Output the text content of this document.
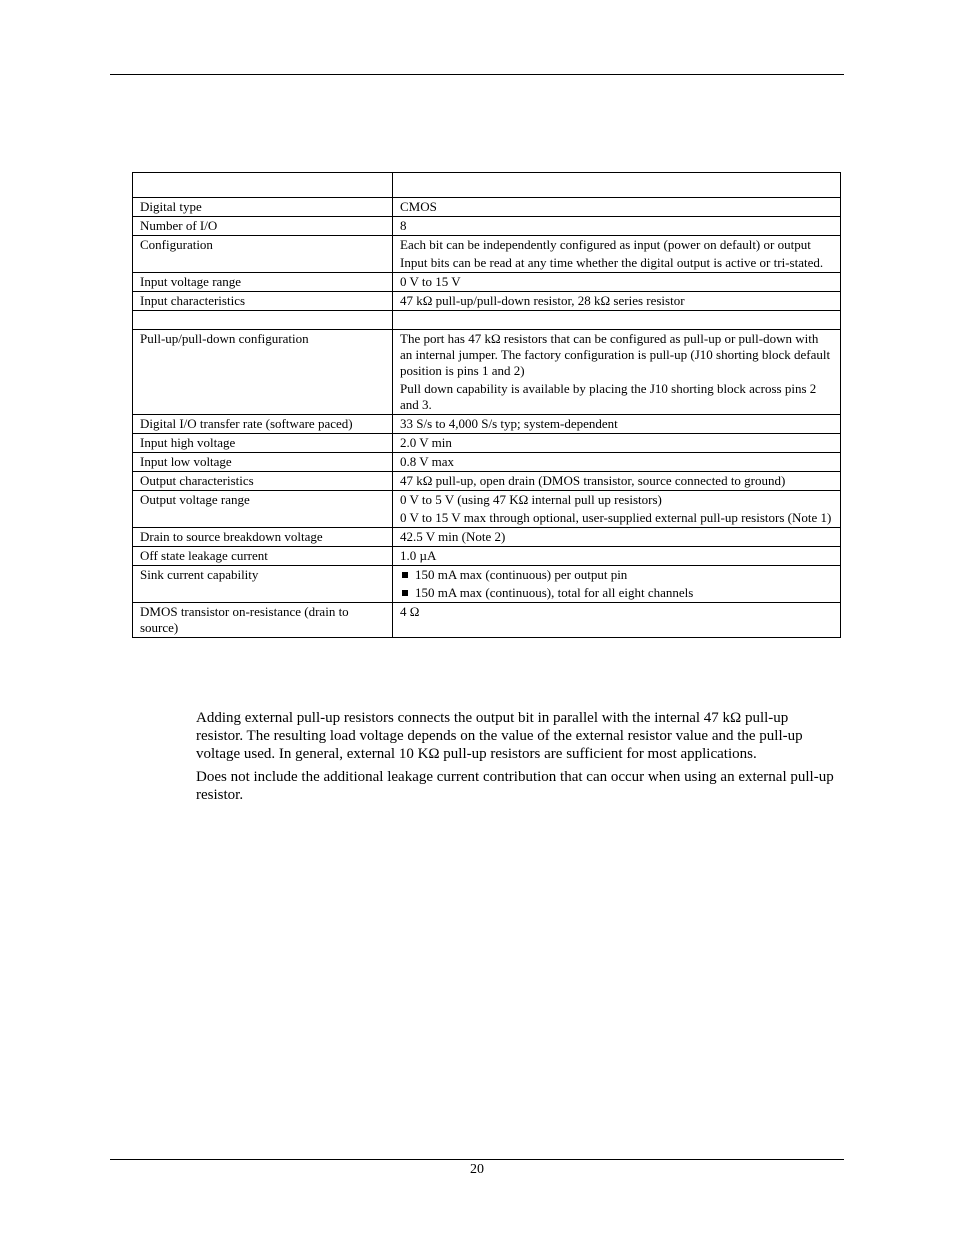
Digital type	CMOS
Number of I/O	8
Configuration	Each bit can be independently configured as input (power on default) or output
Input bits can be read at any time whether the digital output is active or tri-stated.

Input voltage range	0 V to 15 V
Input characteristics	47 kΩ pull-up/pull-down resistor, 28 kΩ series resistor

Pull-up/pull-down configuration	The port has 47 kΩ resistors that can be configured as pull-up or pull-down with an internal jumper. The factory configuration is pull-up (J10 shorting block default position is pins 1 and 2)
Pull down capability is available by placing the J10 shorting block across pins 2 and 3.

Digital I/O transfer rate (software paced)	33 S/s to 4,000 S/s typ; system-dependent
Input high voltage	2.0 V min
Input low voltage	0.8 V max
Output characteristics	47 kΩ pull-up, open drain (DMOS transistor, source connected to ground)
Output voltage range	0 V to 5 V (using 47 KΩ internal pull up resistors)
0 V to 15 V max through optional, user-supplied external pull-up resistors (Note 1)

Drain to source breakdown voltage	42.5 V min (Note 2)
Off state leakage current	1.0 µA
Sink current capability	150 mA max (continuous) per output pin
150 mA max (continuous), total for all eight channels

DMOS transistor on-resistance (drain to source)	4 Ω
Adding external pull-up resistors connects the output bit in parallel with the internal 47 kΩ pull-up resistor. The resulting load voltage depends on the value of the external resistor value and the pull-up voltage used. In general, external 10 KΩ pull-up resistors are sufficient for most applications.
Does not include the additional leakage current contribution that can occur when using an external pull-up resistor.
20
